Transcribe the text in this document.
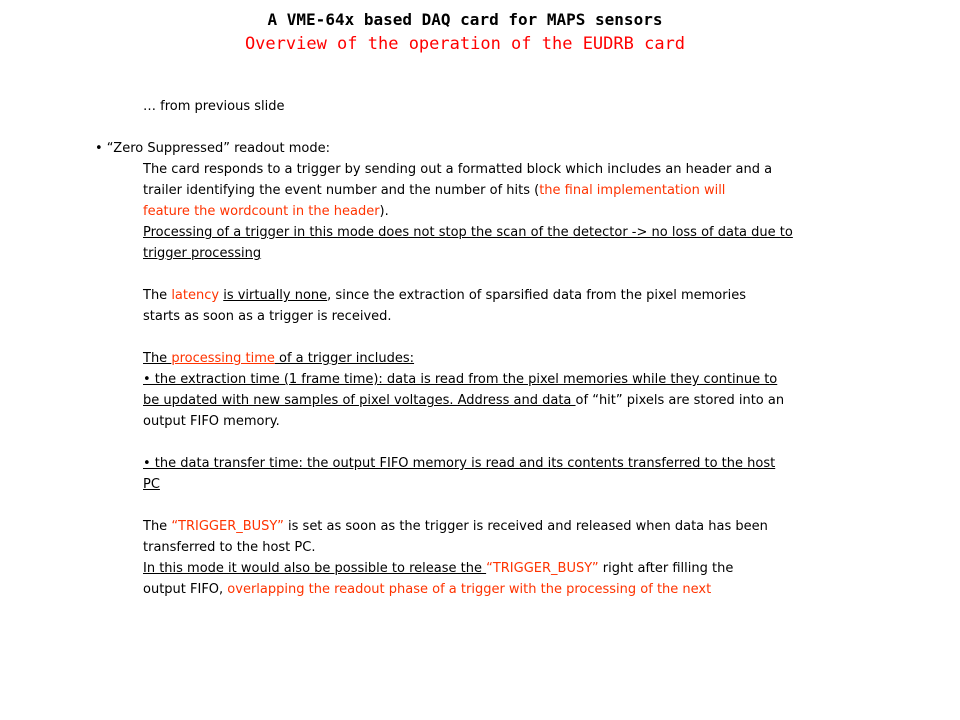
A VME-64x based DAQ card for MAPS sensors
Overview of the operation of the EUDRB card
… from previous slide
• “Zero Suppressed” readout mode:
The card responds to a trigger by sending out a formatted block which includes an header and a
trailer identifying the event number and the number of hits (the final implementation will
feature the wordcount in the header).
Processing of a trigger in this mode does not stop the scan of the detector -> no loss of data due to
trigger processing
The latency is virtually none, since the extraction of sparsified data from the pixel memories
starts as soon as a trigger is received.
The processing time of a trigger includes:
• the extraction time (1 frame time): data is read from the pixel memories while they continue to
be updated with new samples of pixel voltages. Address and data of “hit” pixels are stored into an
output FIFO memory.
• the data transfer time: the output FIFO memory is read and its contents transferred to the host
PC
The “TRIGGER_BUSY” is set as soon as the trigger is received and released when data has been
transferred to the host PC.
In this mode it would also be possible to release the “TRIGGER_BUSY” right after filling the
output FIFO, overlapping the readout phase of a trigger with the processing of the next
